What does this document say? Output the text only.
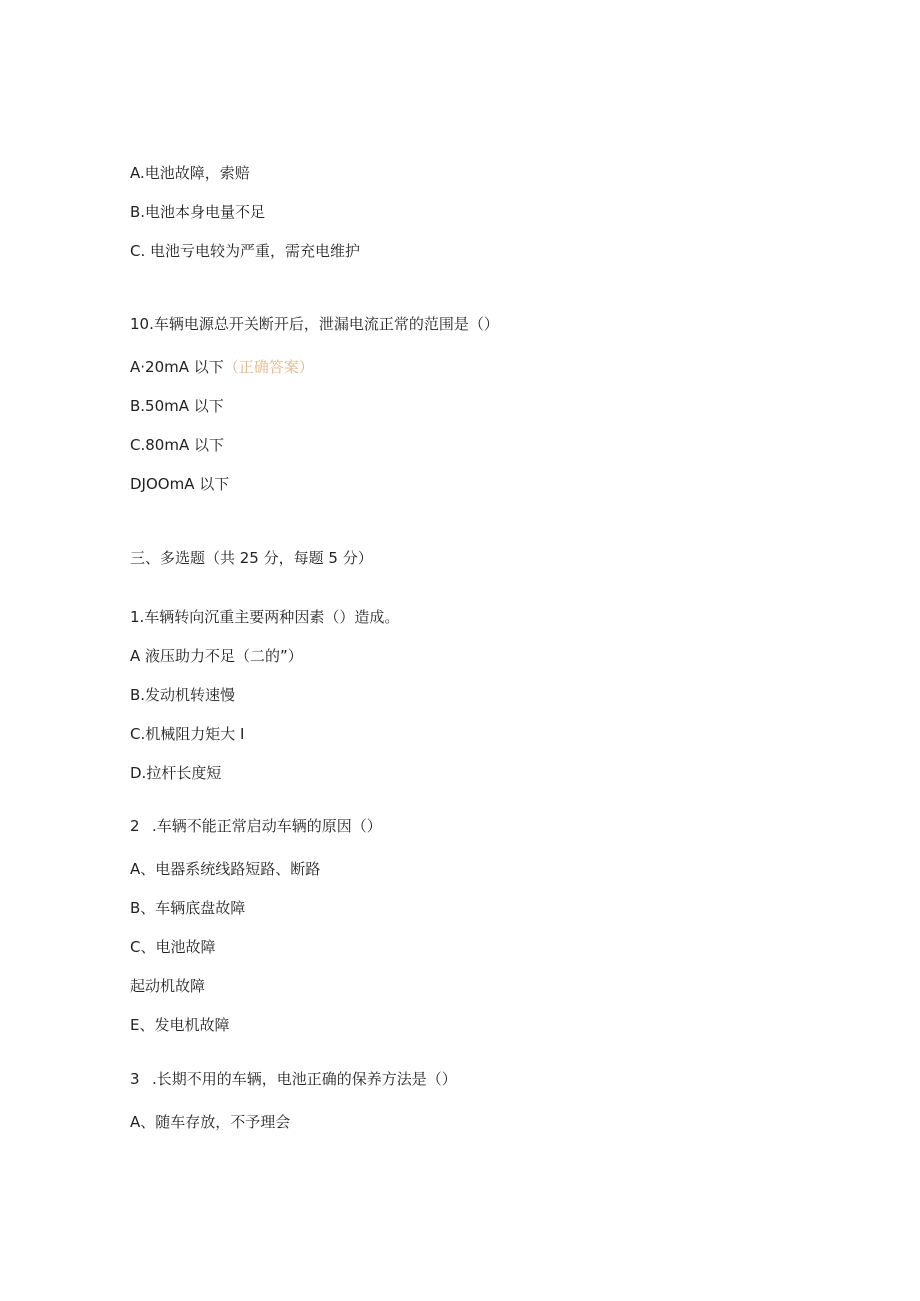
A.电池故障，索赔
B.电池本身电量不足
C. 电池亏电较为严重，需充电维护
10.车辆电源总开关断开后，泄漏电流正常的范围是（）
A·20mA 以下（正确答案）
B.50mA 以下
C.80mA 以下
DJOOmA 以下
三、多选题（共 25 分，每题 5 分）
1.车辆转向沉重主要两种因素（）造成。
A 液压助力不足（二的”）
B.发动机转速慢
C.机械阻力矩大 I
D.拉杆长度短
2 .车辆不能正常启动车辆的原因（）
A、电器系统线路短路、断路
B、车辆底盘故障
C、电池故障
起动机故障
E、发电机故障
3 .长期不用的车辆，电池正确的保养方法是（）
A、随车存放，不予理会
